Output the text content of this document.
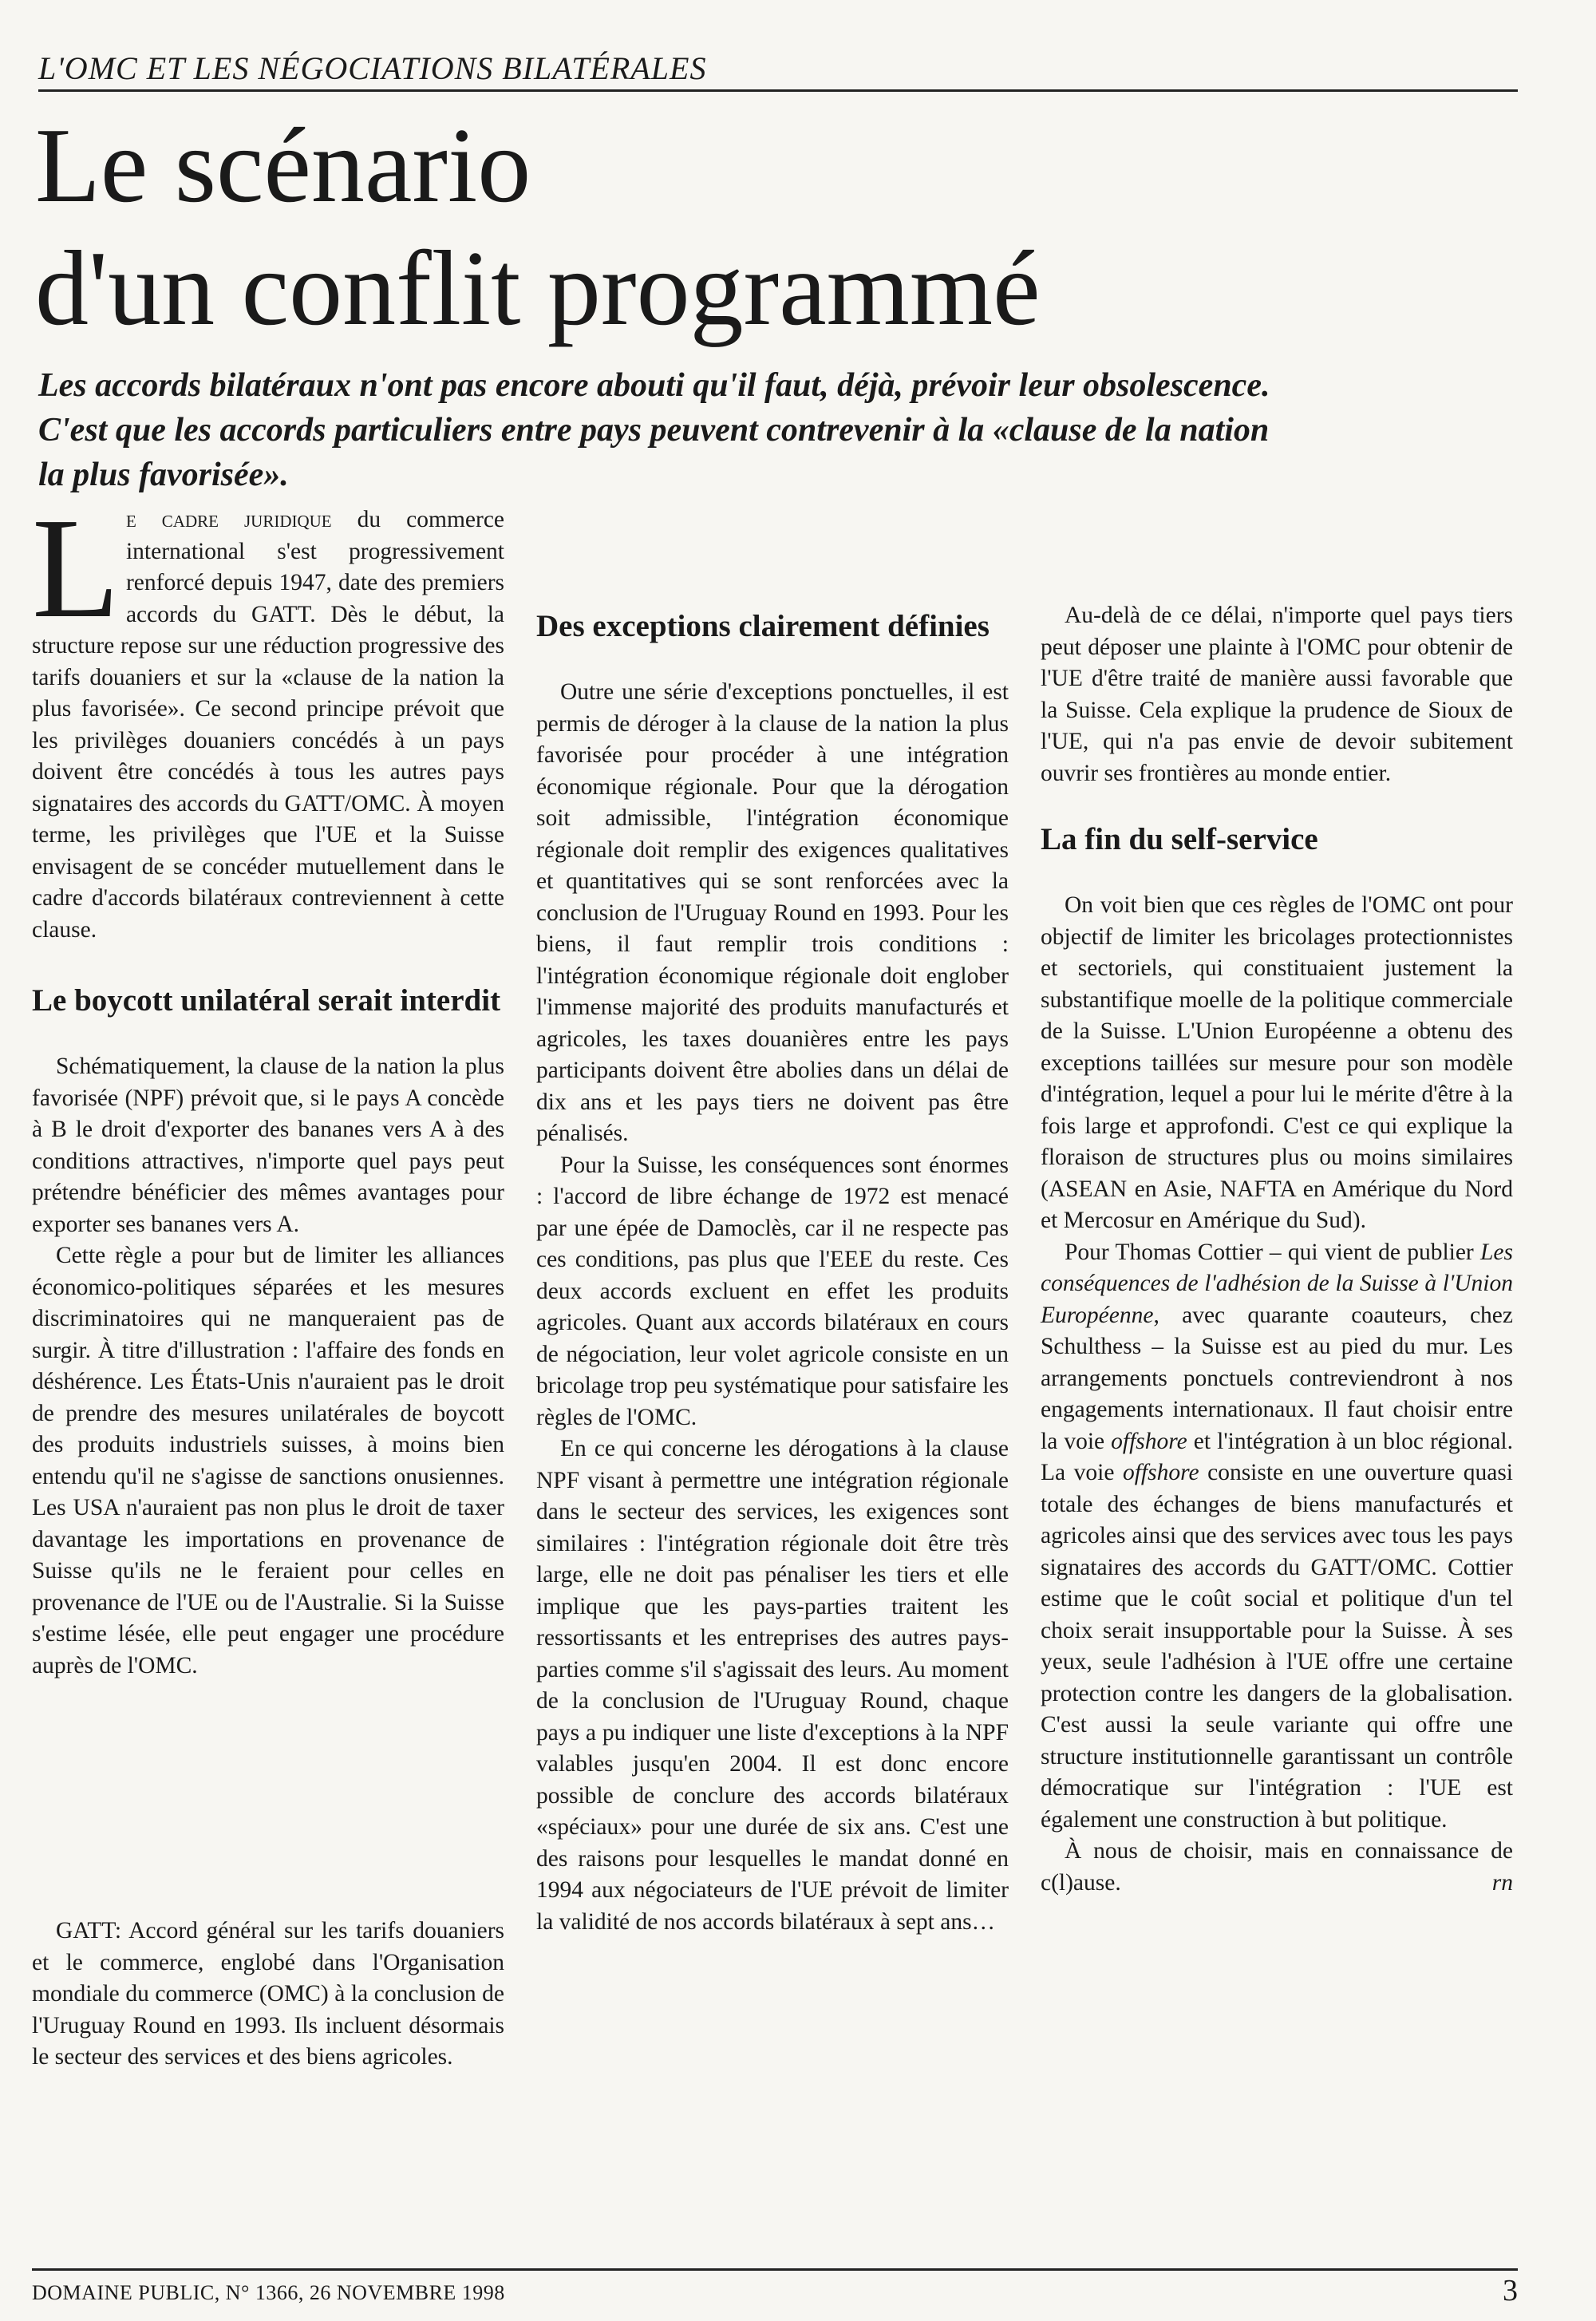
L'OMC ET LES NÉGOCIATIONS BILATÉRALES
Le scénario
d'un conflit programmé

Les accords bilatéraux n'ont pas encore abouti qu'il faut, déjà, prévoir leur obsolescence. C'est que les accords particuliers entre pays peuvent contrevenir à la «clause de la nation la plus favorisée».

Le cadre juridique du commerce international s'est progressivement renforcé depuis 1947, date des premiers accords du GATT. Dès le début, la structure repose sur une réduction progressive des tarifs douaniers et sur la «clause de la nation la plus favorisée». Ce second principe prévoit que les privilèges douaniers concédés à un pays doivent être concédés à tous les autres pays signataires des accords du GATT/OMC. À moyen terme, les privilèges que l'UE et la Suisse envisagent de se concéder mutuellement dans le cadre d'accords bilatéraux contreviennent à cette clause.

Le boycott unilatéral serait interdit

Schématiquement, la clause de la nation la plus favorisée (NPF) prévoit que, si le pays A concède à B le droit d'exporter des bananes vers A à des conditions attractives, n'importe quel pays peut prétendre bénéficier des mêmes avantages pour exporter ses bananes vers A.

Cette règle a pour but de limiter les alliances économico-politiques séparées et les mesures discriminatoires qui ne manqueraient pas de surgir. À titre d'illustration : l'affaire des fonds en déshérence. Les États-Unis n'auraient pas le droit de prendre des mesures unilatérales de boycott des produits industriels suisses, à moins bien entendu qu'il ne s'agisse de sanctions onusiennes. Les USA n'auraient pas non plus le droit de taxer davantage les importations en provenance de Suisse qu'ils ne le feraient pour celles en provenance de l'UE ou de l'Australie. Si la Suisse s'estime lésée, elle peut engager une procédure auprès de l'OMC.

Des exceptions clairement définies

Outre une série d'exceptions ponctuelles, il est permis de déroger à la clause de la nation la plus favorisée pour procéder à une intégration économique régionale. Pour que la dérogation soit admissible, l'intégration économique régionale doit remplir des exigences qualitatives et quantitatives qui se sont renforcées avec la conclusion de l'Uruguay Round en 1993. Pour les biens, il faut remplir trois conditions : l'intégration économique régionale doit englober l'immense majorité des produits manufacturés et agricoles, les taxes douanières entre les pays participants doivent être abolies dans un délai de dix ans et les pays tiers ne doivent pas être pénalisés.

Pour la Suisse, les conséquences sont énormes : l'accord de libre échange de 1972 est menacé par une épée de Damoclès, car il ne respecte pas ces conditions, pas plus que l'EEE du reste. Ces deux accords excluent en effet les produits agricoles. Quant aux accords bilatéraux en cours de négociation, leur volet agricole consiste en un bricolage trop peu systématique pour satisfaire les règles de l'OMC.

En ce qui concerne les dérogations à la clause NPF visant à permettre une intégration régionale dans le secteur des services, les exigences sont similaires : l'intégration régionale doit être très large, elle ne doit pas pénaliser les tiers et elle implique que les pays-parties traitent les ressortissants et les entreprises des autres pays-parties comme s'il s'agissait des leurs. Au moment de la conclusion de l'Uruguay Round, chaque pays a pu indiquer une liste d'exceptions à la NPF valables jusqu'en 2004. Il est donc encore possible de conclure des accords bilatéraux «spéciaux» pour une durée de six ans. C'est une des raisons pour lesquelles le mandat donné en 1994 aux négociateurs de l'UE prévoit de limiter la validité de nos accords bilatéraux à sept ans…

Au-delà de ce délai, n'importe quel pays tiers peut déposer une plainte à l'OMC pour obtenir de l'UE d'être traité de manière aussi favorable que la Suisse. Cela explique la prudence de Sioux de l'UE, qui n'a pas envie de devoir subitement ouvrir ses frontières au monde entier.

La fin du self-service

On voit bien que ces règles de l'OMC ont pour objectif de limiter les bricolages protectionnistes et sectoriels, qui constituaient justement la substantifique moelle de la politique commerciale de la Suisse. L'Union Européenne a obtenu des exceptions taillées sur mesure pour son modèle d'intégration, lequel a pour lui le mérite d'être à la fois large et approfondi. C'est ce qui explique la floraison de structures plus ou moins similaires (ASEAN en Asie, NAFTA en Amérique du Nord et Mercosur en Amérique du Sud).

Pour Thomas Cottier – qui vient de publier Les conséquences de l'adhésion de la Suisse à l'Union Européenne, avec quarante coauteurs, chez Schulthess – la Suisse est au pied du mur. Les arrangements ponctuels contreviendront à nos engagements internationaux. Il faut choisir entre la voie offshore et l'intégration à un bloc régional. La voie offshore consiste en une ouverture quasi totale des échanges de biens manufacturés et agricoles ainsi que des services avec tous les pays signataires des accords du GATT/OMC. Cottier estime que le coût social et politique d'un tel choix serait insupportable pour la Suisse. À ses yeux, seule l'adhésion à l'UE offre une certaine protection contre les dangers de la globalisation. C'est aussi la seule variante qui offre une structure institutionnelle garantissant un contrôle démocratique sur l'intégration : l'UE est également une construction à but politique.

À nous de choisir, mais en connaissance de c(l)ause.	rn

GATT: Accord général sur les tarifs douaniers et le commerce, englobé dans l'Organisation mondiale du commerce (OMC) à la conclusion de l'Uruguay Round en 1993. Ils incluent désormais le secteur des services et des biens agricoles.

DOMAINE PUBLIC, N° 1366, 26 NOVEMBRE 1998	3
